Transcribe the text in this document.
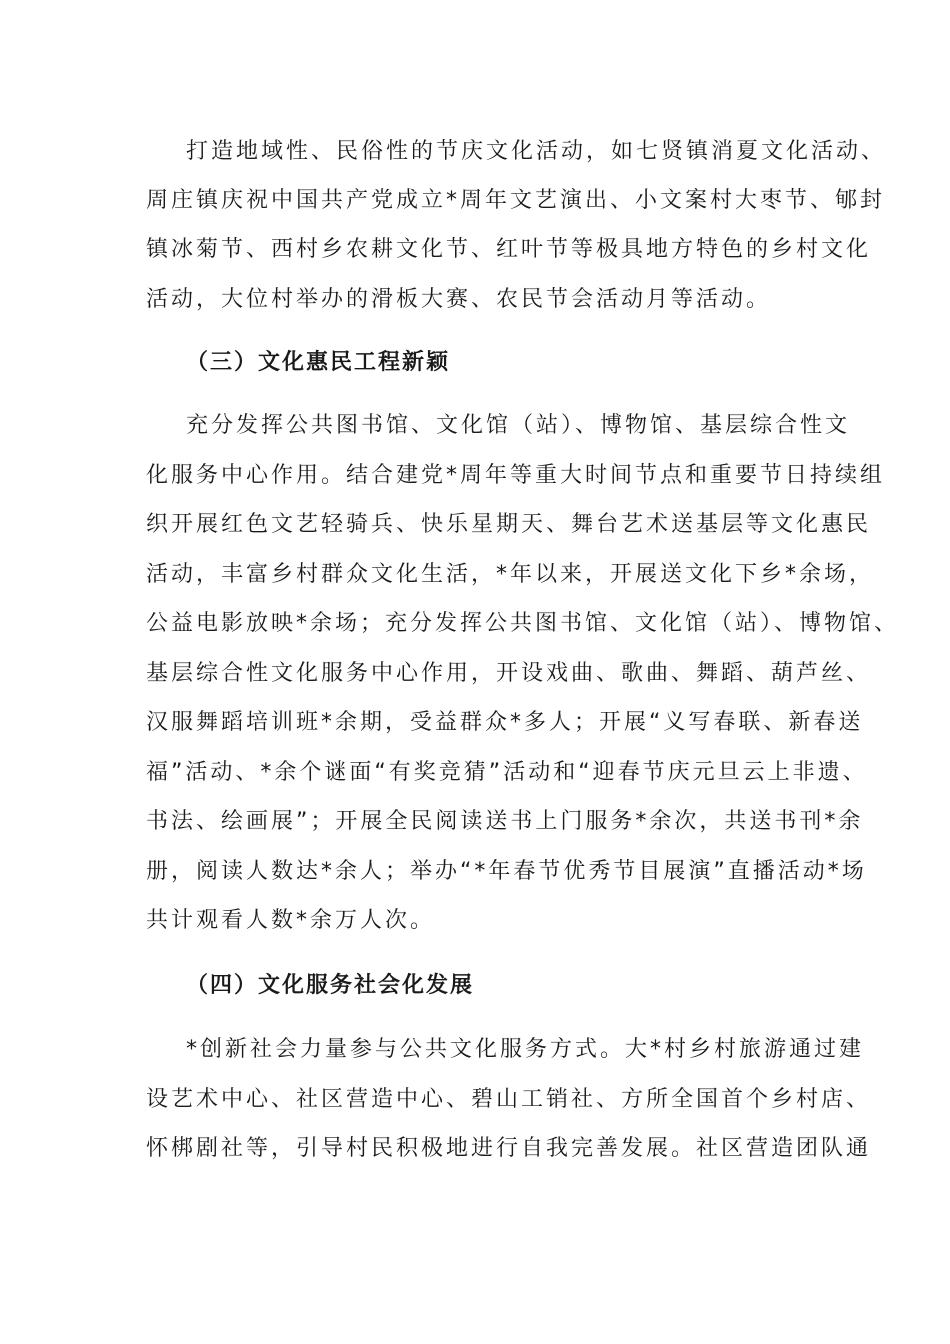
打造地域性、民俗性的节庆文化活动，如七贤镇消夏文化活动、
周庄镇庆祝中国共产党成立*周年文艺演出、小文案村大枣节、郇封
镇冰菊节、西村乡农耕文化节、红叶节等极具地方特色的乡村文化
活动，大位村举办的滑板大赛、农民节会活动月等活动。
（三）文化惠民工程新颖
充分发挥公共图书馆、文化馆（站）、博物馆、基层综合性文
化服务中心作用。结合建党*周年等重大时间节点和重要节日持续组
织开展红色文艺轻骑兵、快乐星期天、舞台艺术送基层等文化惠民
活动，丰富乡村群众文化生活，*年以来，开展送文化下乡*余场，
公益电影放映*余场；充分发挥公共图书馆、文化馆（站）、博物馆、
基层综合性文化服务中心作用，开设戏曲、歌曲、舞蹈、葫芦丝、
汉服舞蹈培训班*余期，受益群众*多人；开展“义写春联、新春送
福”活动、*余个谜面“有奖竞猜”活动和“迎春节庆元旦云上非遗、
书法、绘画展”；开展全民阅读送书上门服务*余次，共送书刊*余
册，阅读人数达*余人；举办“*年春节优秀节目展演”直播活动*场
共计观看人数*余万人次。
（四）文化服务社会化发展
*创新社会力量参与公共文化服务方式。大*村乡村旅游通过建
设艺术中心、社区营造中心、碧山工销社、方所全国首个乡村店、
怀梆剧社等，引导村民积极地进行自我完善发展。社区营造团队通
